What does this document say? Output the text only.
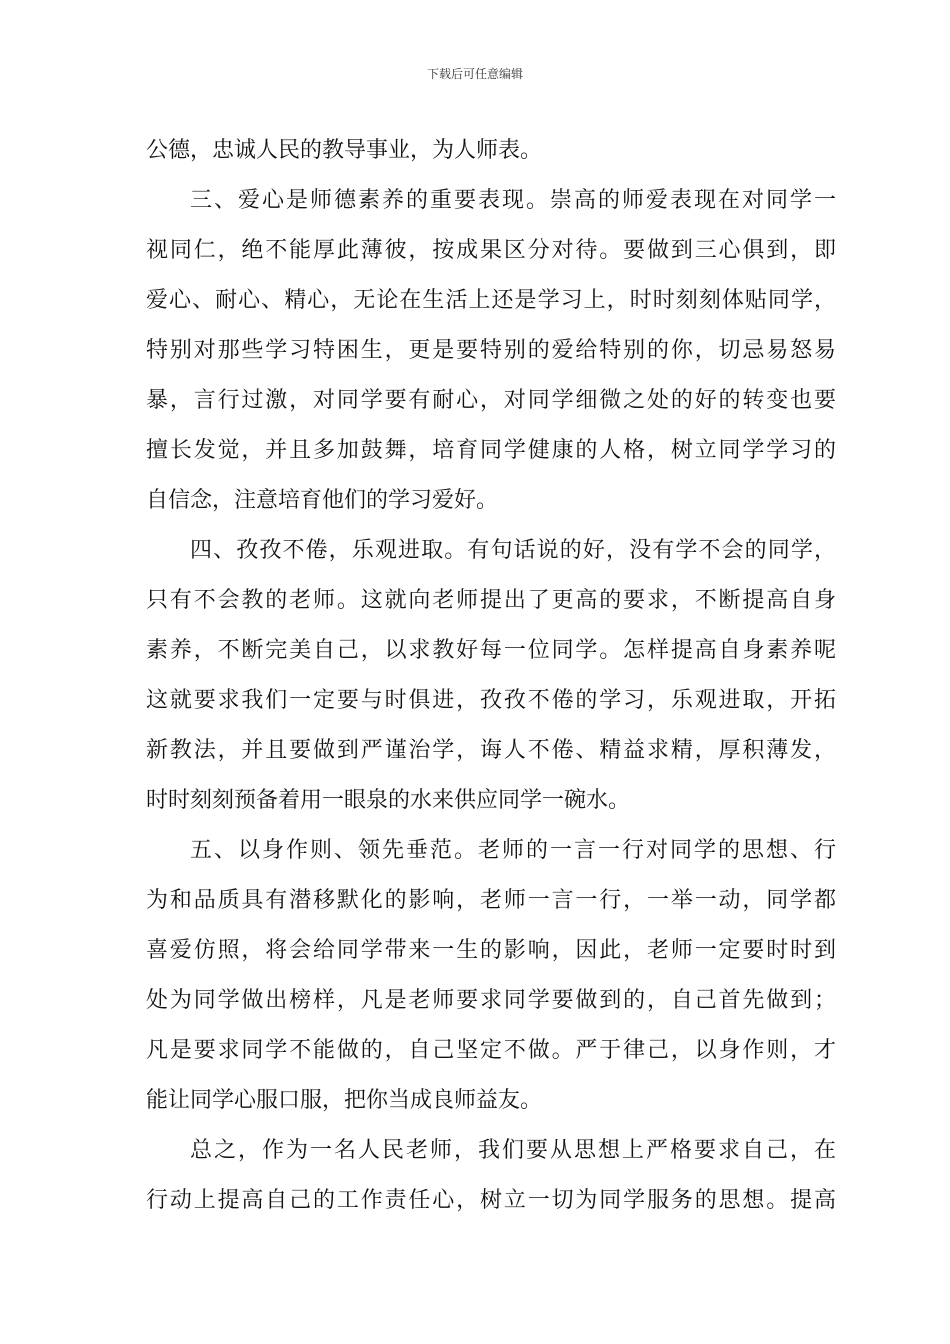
下载后可任意编辑
公德，忠诚人民的教导事业，为人师表。
三、爱心是师德素养的重要表现。崇高的师爱表现在对同学一
视同仁，绝不能厚此薄彼，按成果区分对待。要做到三心俱到，即
爱心、耐心、精心，无论在生活上还是学习上，时时刻刻体贴同学，
特别对那些学习特困生，更是要特别的爱给特别的你，切忌易怒易
暴，言行过激，对同学要有耐心，对同学细微之处的好的转变也要
擅长发觉，并且多加鼓舞，培育同学健康的人格，树立同学学习的
自信念，注意培育他们的学习爱好。
四、孜孜不倦，乐观进取。有句话说的好，没有学不会的同学，
只有不会教的老师。这就向老师提出了更高的要求，不断提高自身
素养，不断完美自己，以求教好每一位同学。怎样提高自身素养呢
这就要求我们一定要与时俱进，孜孜不倦的学习，乐观进取，开拓
新教法，并且要做到严谨治学，诲人不倦、精益求精，厚积薄发，
时时刻刻预备着用一眼泉的水来供应同学一碗水。
五、以身作则、领先垂范。老师的一言一行对同学的思想、行
为和品质具有潜移默化的影响，老师一言一行，一举一动，同学都
喜爱仿照，将会给同学带来一生的影响，因此，老师一定要时时到
处为同学做出榜样，凡是老师要求同学要做到的，自己首先做到；
凡是要求同学不能做的，自己坚定不做。严于律己，以身作则，才
能让同学心服口服，把你当成良师益友。
总之，作为一名人民老师，我们要从思想上严格要求自己，在
行动上提高自己的工作责任心，树立一切为同学服务的思想。提高
